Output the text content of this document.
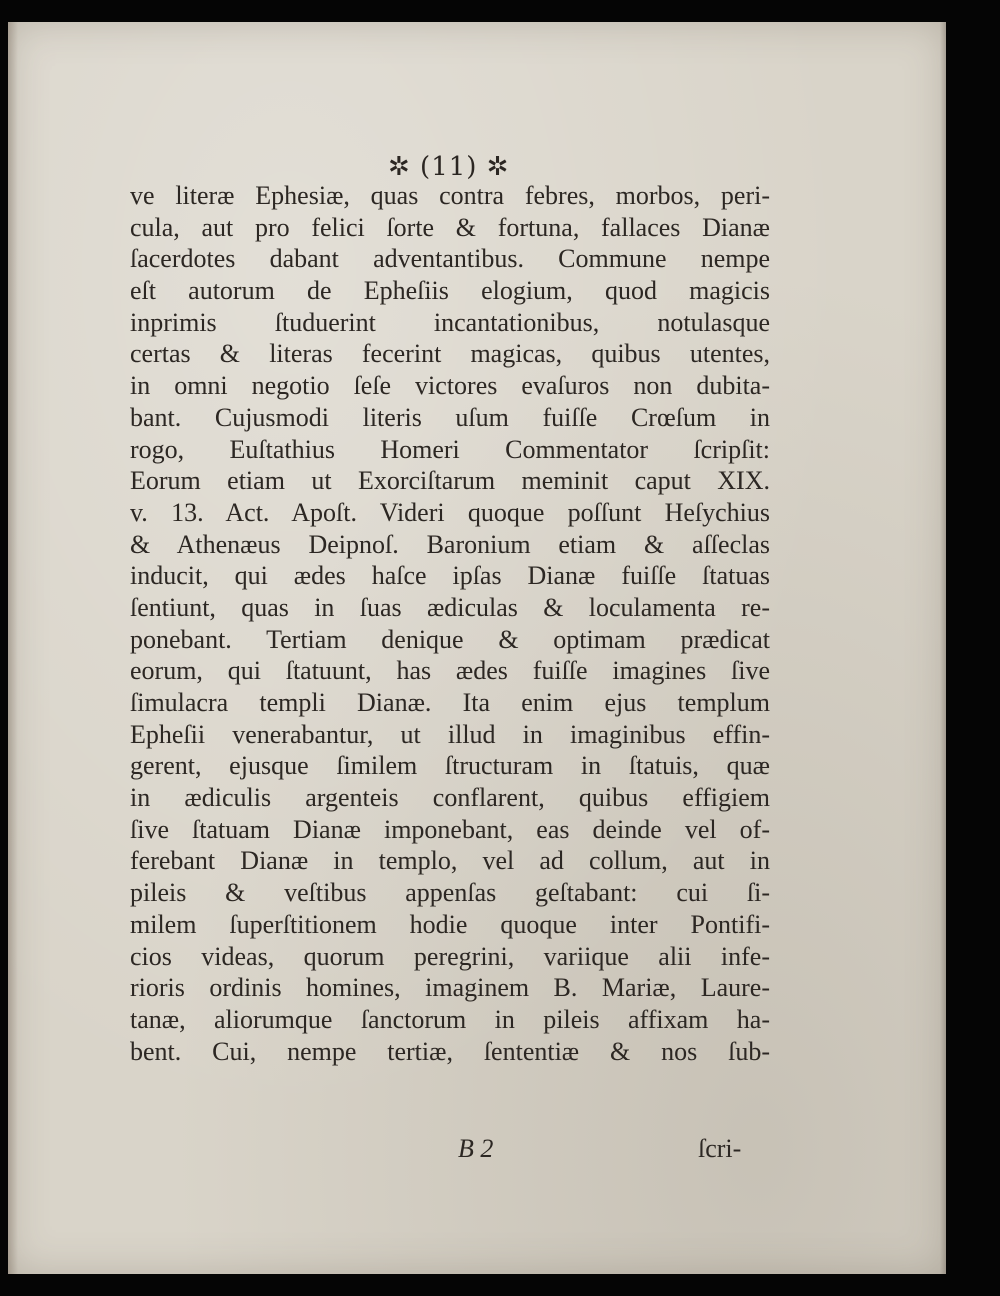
✲ (11) ✲
ve literæ Ephesiæ, quas contra febres, morbos, peri-
cula, aut pro felici ſorte & fortuna, fallaces Dianæ
ſacerdotes dabant adventantibus. Commune nempe
eſt autorum de Epheſiis elogium, quod magicis
inprimis ſtuduerint incantationibus, notulasque
certas & literas fecerint magicas, quibus utentes,
in omni negotio ſeſe victores evaſuros non dubita-
bant. Cujusmodi literis uſum fuiſſe Crœſum in
rogo, Euſtathius Homeri Commentator ſcripſit:
Eorum etiam ut Exorciſtarum meminit caput XIX.
v. 13. Act. Apoſt. Videri quoque poſſunt Heſychius
& Athenæus Deipnoſ. Baronium etiam & aſſeclas
inducit, qui ædes haſce ipſas Dianæ fuiſſe ſtatuas
ſentiunt, quas in ſuas ædiculas & loculamenta re-
ponebant. Tertiam denique & optimam prædicat
eorum, qui ſtatuunt, has ædes fuiſſe imagines ſive
ſimulacra templi Dianæ. Ita enim ejus templum
Epheſii venerabantur, ut illud in imaginibus effin-
gerent, ejusque ſimilem ſtructuram in ſtatuis, quæ
in ædiculis argenteis conflarent, quibus effigiem
ſive ſtatuam Dianæ imponebant, eas deinde vel of-
ferebant Dianæ in templo, vel ad collum, aut in
pileis & veſtibus appenſas geſtabant: cui ſi-
milem ſuperſtitionem hodie quoque inter Pontifi-
cios videas, quorum peregrini, variique alii infe-
rioris ordinis homines, imaginem B. Mariæ, Laure-
tanæ, aliorumque ſanctorum in pileis affixam ha-
bent. Cui, nempe tertiæ, ſententiæ & nos ſub-
B 2	ſcri-
